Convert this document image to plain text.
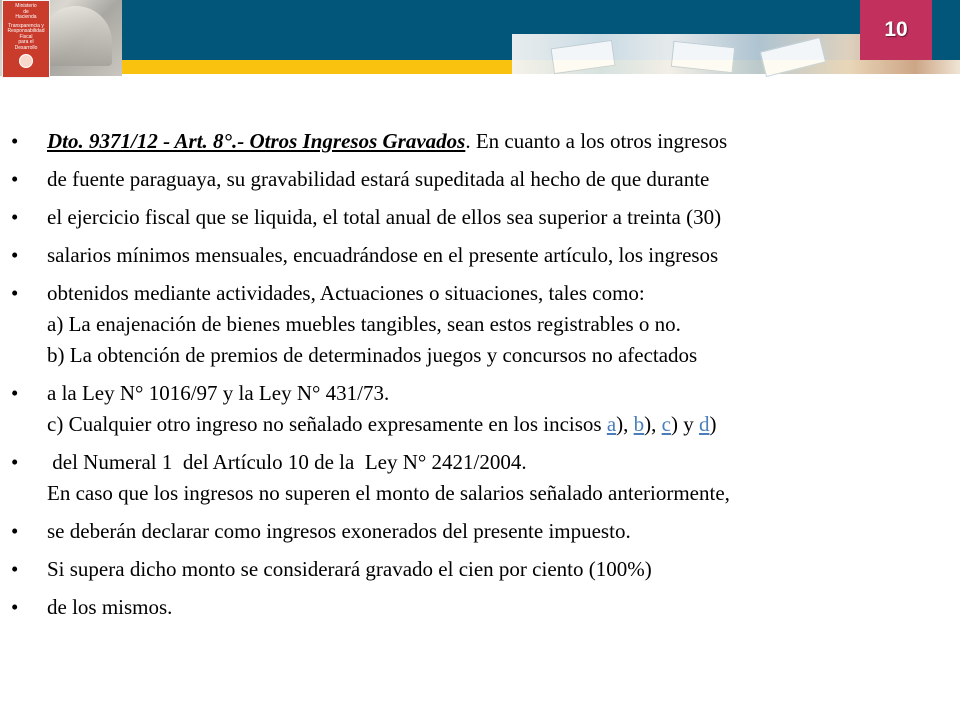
Ministerio
de
Hacienda
Transparencia y
Responsabilidad
Fiscal
para el
Desarrollo
10
• Dto. 9371/12 - Art. 8°.- Otros Ingresos Gravados. En cuanto a los otros ingresos
• de fuente paraguaya, su gravabilidad estará supeditada al hecho de que durante
• el ejercicio fiscal que se liquida, el total anual de ellos sea superior a treinta (30)
• salarios mínimos mensuales, encuadrándose en el presente artículo, los ingresos
• obtenidos mediante actividades, Actuaciones o situaciones, tales como:
a) La enajenación de bienes muebles tangibles, sean estos registrables o no.
b) La obtención de premios de determinados juegos y concursos no afectados
• a la Ley N° 1016/97 y la Ley N° 431/73.
c) Cualquier otro ingreso no señalado expresamente en los incisos a), b), c) y d)
• del Numeral 1  del Artículo 10 de la  Ley N° 2421/2004.
En caso que los ingresos no superen el monto de salarios señalado anteriormente,
• se deberán declarar como ingresos exonerados del presente impuesto.
• Si supera dicho monto se considerará gravado el cien por ciento (100%)
• de los mismos.
